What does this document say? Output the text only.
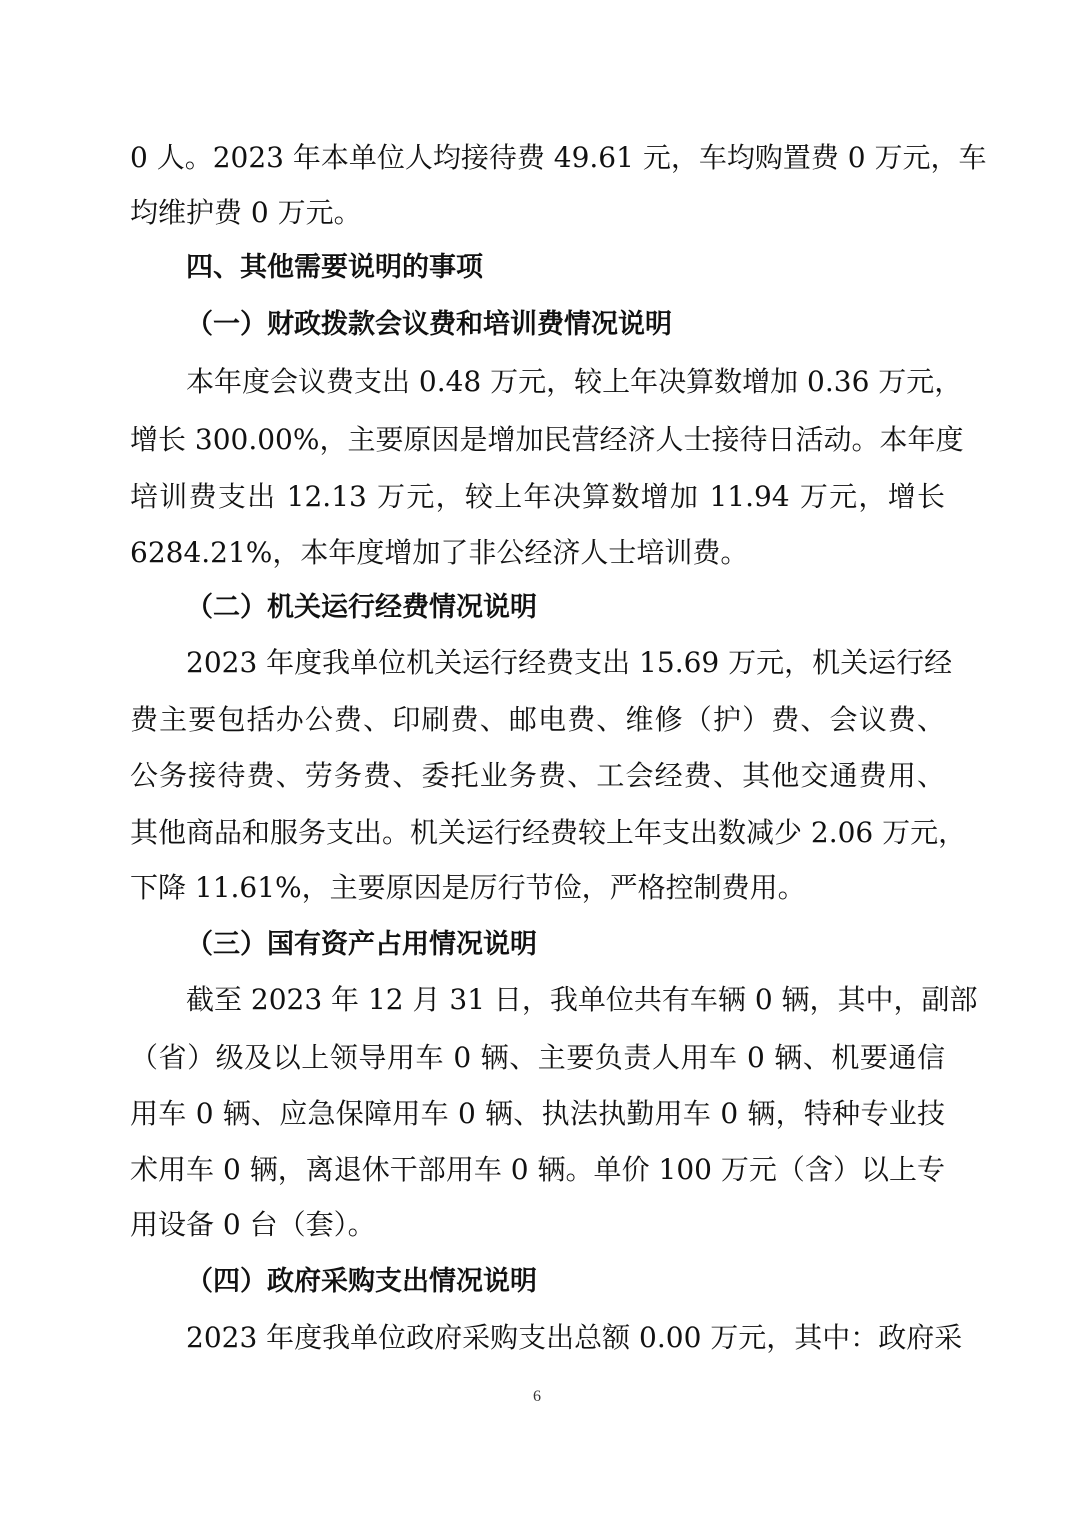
0 人。2023 年本单位人均接待费 49.61 元，车均购置费 0 万元，车
均维护费 0 万元。
四、其他需要说明的事项
（一）财政拨款会议费和培训费情况说明
本年度会议费支出 0.48 万元，较上年决算数增加 0.36 万元，
增长 300.00%，主要原因是增加民营经济人士接待日活动。本年度
培训费支出 12.13 万元，较上年决算数增加 11.94 万元，增长
6284.21%，本年度增加了非公经济人士培训费。
（二）机关运行经费情况说明
2023 年度我单位机关运行经费支出 15.69 万元，机关运行经
费主要包括办公费、印刷费、邮电费、维修（护）费、会议费、
公务接待费、劳务费、委托业务费、工会经费、其他交通费用、
其他商品和服务支出。机关运行经费较上年支出数减少 2.06 万元，
下降 11.61%，主要原因是厉行节俭，严格控制费用。
（三）国有资产占用情况说明
截至 2023 年 12 月 31 日，我单位共有车辆 0 辆，其中，副部
（省）级及以上领导用车 0 辆、主要负责人用车 0 辆、机要通信
用车 0 辆、应急保障用车 0 辆、执法执勤用车 0 辆，特种专业技
术用车 0 辆，离退休干部用车 0 辆。单价 100 万元（含）以上专
用设备 0 台（套）。
（四）政府采购支出情况说明
2023 年度我单位政府采购支出总额 0.00 万元，其中：政府采
6
